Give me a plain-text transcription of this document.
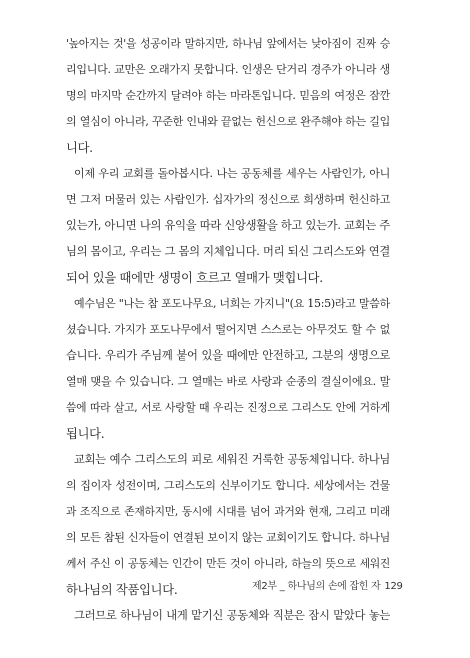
'높아지는 것'을 성공이라 말하지만, 하나님 앞에서는 낮아짐이 진짜 승
리입니다. 교만은 오래가지 못합니다. 인생은 단거리 경주가 아니라 생
명의 마지막 순간까지 달려야 하는 마라톤입니다. 믿음의 여정은 잠깐
의 열심이 아니라, 꾸준한 인내와 끝없는 헌신으로 완주해야 하는 길입
니다.
이제 우리 교회를 돌아봅시다. 나는 공동체를 세우는 사람인가, 아니
면 그저 머물러 있는 사람인가. 십자가의 정신으로 희생하며 헌신하고
있는가, 아니면 나의 유익을 따라 신앙생활을 하고 있는가. 교회는 주
님의 몸이고, 우리는 그 몸의 지체입니다. 머리 되신 그리스도와 연결
되어 있을 때에만 생명이 흐르고 열매가 맺힙니다.
예수님은 "나는 참 포도나무요, 너희는 가지니"(요 15:5)라고 말씀하
셨습니다. 가지가 포도나무에서 떨어지면 스스로는 아무것도 할 수 없
습니다. 우리가 주님께 붙어 있을 때에만 안전하고, 그분의 생명으로
열매 맺을 수 있습니다. 그 열매는 바로 사랑과 순종의 결실이에요. 말
씀에 따라 살고, 서로 사랑할 때 우리는 진정으로 그리스도 안에 거하게
됩니다.
교회는 예수 그리스도의 피로 세워진 거룩한 공동체입니다. 하나님
의 집이자 성전이며, 그리스도의 신부이기도 합니다. 세상에서는 건물
과 조직으로 존재하지만, 동시에 시대를 넘어 과거와 현재, 그리고 미래
의 모든 참된 신자들이 연결된 보이지 않는 교회이기도 합니다. 하나님
께서 주신 이 공동체는 인간이 만든 것이 아니라, 하늘의 뜻으로 세워진
하나님의 작품입니다.
그러므로 하나님이 내게 맡기신 공동체와 직분은 잠시 맡았다 놓는
제2부 _ 하나님의 손에 잡힌 자 129
